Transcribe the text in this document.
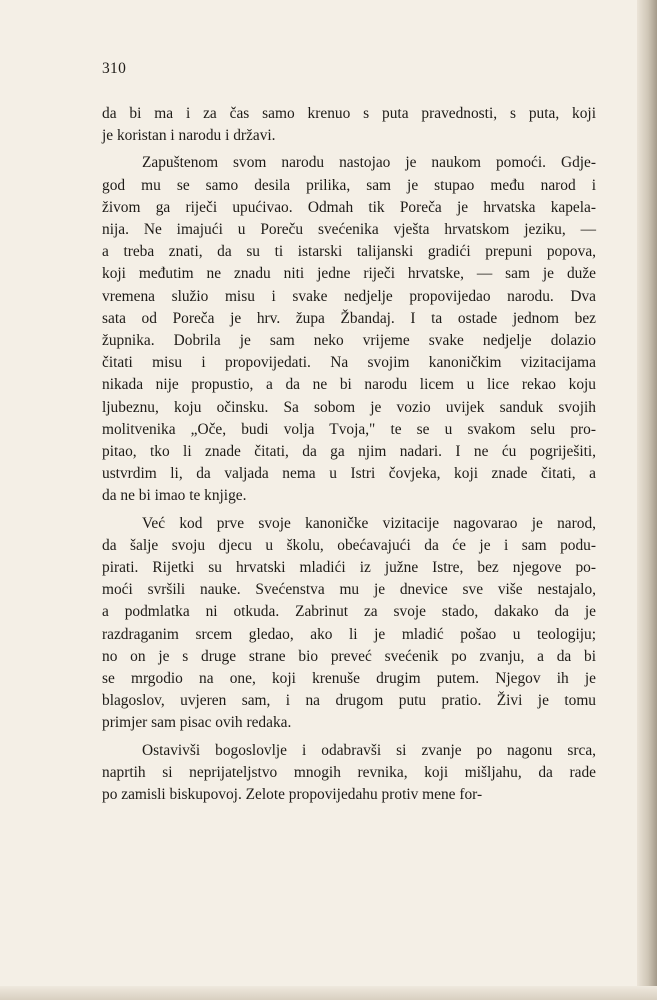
310
da bi ma i za čas samo krenuo s puta pravednosti, s puta, koji
je koristan i narodu i državi.
Zapuštenom svom narodu nastojao je naukom pomoći. Gdje-
god mu se samo desila prilika, sam je stupao među narod i
živom ga riječi upućivao. Odmah tik Poreča je hrvatska kapela-
nija. Ne imajući u Poreču svećenika vješta hrvatskom jeziku, —
a treba znati, da su ti istarski talijanski gradići prepuni popova,
koji međutim ne znadu niti jedne riječi hrvatske, — sam je duže
vremena služio misu i svake nedjelje propovijedao narodu. Dva
sata od Poreča je hrv. župa Žbandaj. I ta ostade jednom bez
župnika. Dobrila je sam neko vrijeme svake nedjelje dolazio
čitati misu i propovijedati. Na svojim kanoničkim vizitacijama
nikada nije propustio, a da ne bi narodu licem u lice rekao koju
ljubeznu, koju očinsku. Sa sobom je vozio uvijek sanduk svojih
molitvenika „Oče, budi volja Tvoja," te se u svakom selu pro-
pitao, tko li znade čitati, da ga njim nadari. I ne ću pogriješiti,
ustvrdim li, da valjada nema u Istri čovjeka, koji znade čitati, a
da ne bi imao te knjige.
Već kod prve svoje kanoničke vizitacije nagovarao je narod,
da šalje svoju djecu u školu, obećavajući da će je i sam podu-
pirati. Rijetki su hrvatski mladići iz južne Istre, bez njegove po-
moći svršili nauke. Svećenstva mu je dnevice sve više nestajalo,
a podmlatka ni otkuda. Zabrinut za svoje stado, dakako da je
razdraganim srcem gledao, ako li je mladić pošao u teologiju;
no on je s druge strane bio preveć svećenik po zvanju, a da bi
se mrgodio na one, koji krenuše drugim putem. Njegov ih je
blagoslov, uvjeren sam, i na drugom putu pratio. Živi je tomu
primjer sam pisac ovih redaka.
Ostavivši bogoslovlje i odabravši si zvanje po nagonu srca,
naprtih si neprijateljstvo mnogih revnika, koji mišljahu, da rade
po zamisli biskupovoj. Zelote propovijedahu protiv mene for-
